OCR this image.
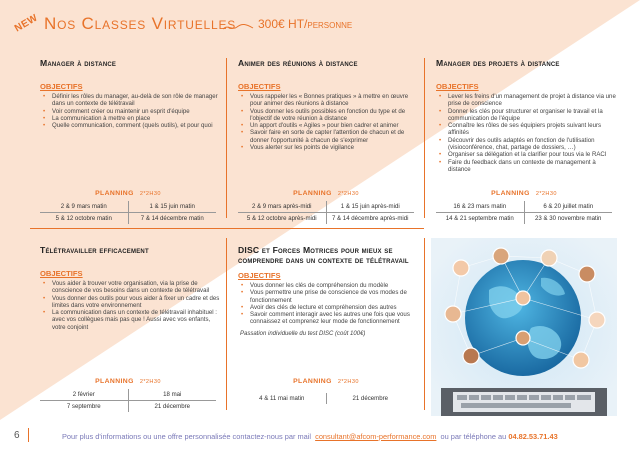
NEW Nos Classes Virtuelles 300€ HT/personne
Manager à distance
OBJECTIFS
• Définir les rôles du manager, au-delà de son rôle de manager dans un contexte de télétravail
• Voir comment créer ou maintenir un esprit d'équipe
• La communication à mettre en place
• Quelle communication, comment (quels outils), et pour quoi
PLANNING 2*2H30
2 & 9 mars matin	1 & 15 juin matin
5 & 12 octobre matin	7 & 14 décembre matin
Animer des réunions à distance
OBJECTIFS
• Vous rappeler les « Bonnes pratiques » à mettre en œuvre pour animer des réunions à distance
• Vous donner les outils possibles en fonction du type et de l'objectif de votre réunion à distance
• Un apport d'outils « Agiles » pour bien cadrer et animer
• Savoir faire en sorte de capter l'attention de chacun et de donner l'opportunité à chacun de s'exprimer
• Vous alerter sur les points de vigilance
PLANNING 2*2H30
2 & 9 mars après-midi	1 & 15 juin après-midi
5 & 12 octobre après-midi	7 & 14 décembre après-midi
Manager des projets à distance
OBJECTIFS
• Lever les freins d'un management de projet à distance via une prise de conscience
• Donner les clés pour structurer et organiser le travail et la communication de l'équipe
• Connaître les rôles de ses équipiers projets suivant leurs affinités
• Découvrir des outils adaptés en fonction de l'utilisation (visioconférence, chat, partage de dossiers, …)
• Organiser sa délégation et la clarifier pour tous via le RACI
• Faire du feedback dans un contexte de management à distance
PLANNING 2*2H30
16 & 23 mars matin	6 & 20 juillet matin
14 & 21 septembre matin	23 & 30 novembre matin
Télétravailler efficacement
OBJECTIFS
• Vous aider à trouver votre organisation, via la prise de conscience de vos besoins dans un contexte de télétravail
• Vous donner des outils pour vous aider à fixer un cadre et des limites dans votre environnement
• La communication dans un contexte de télétravail inhabituel : avec vos collègues mais pas que ! Aussi avec vos enfants, votre conjoint
PLANNING 2*2H30
2 février	18 mai
7 septembre	21 décembre
DISC et Forces Motrices pour mieux se comprendre dans un contexte de télétravail
OBJECTIFS
• Vous donner les clés de compréhension du modèle
• Vous permettre une prise de conscience de vos modes de fonctionnement
• Avoir des clés de lecture et compréhension des autres
• Savoir comment interagir avec les autres une fois que vous connaissez et comprenez leur mode de fonctionnement
Passation individuelle du test DISC (coût 100€)
PLANNING 2*2H30
4 & 11 mai matin	21 décembre
6	Pour plus d'informations ou une offre personnalisée contactez-nous par mail consultant@afcom-performance.com ou par téléphone au 04.82.53.71.43
